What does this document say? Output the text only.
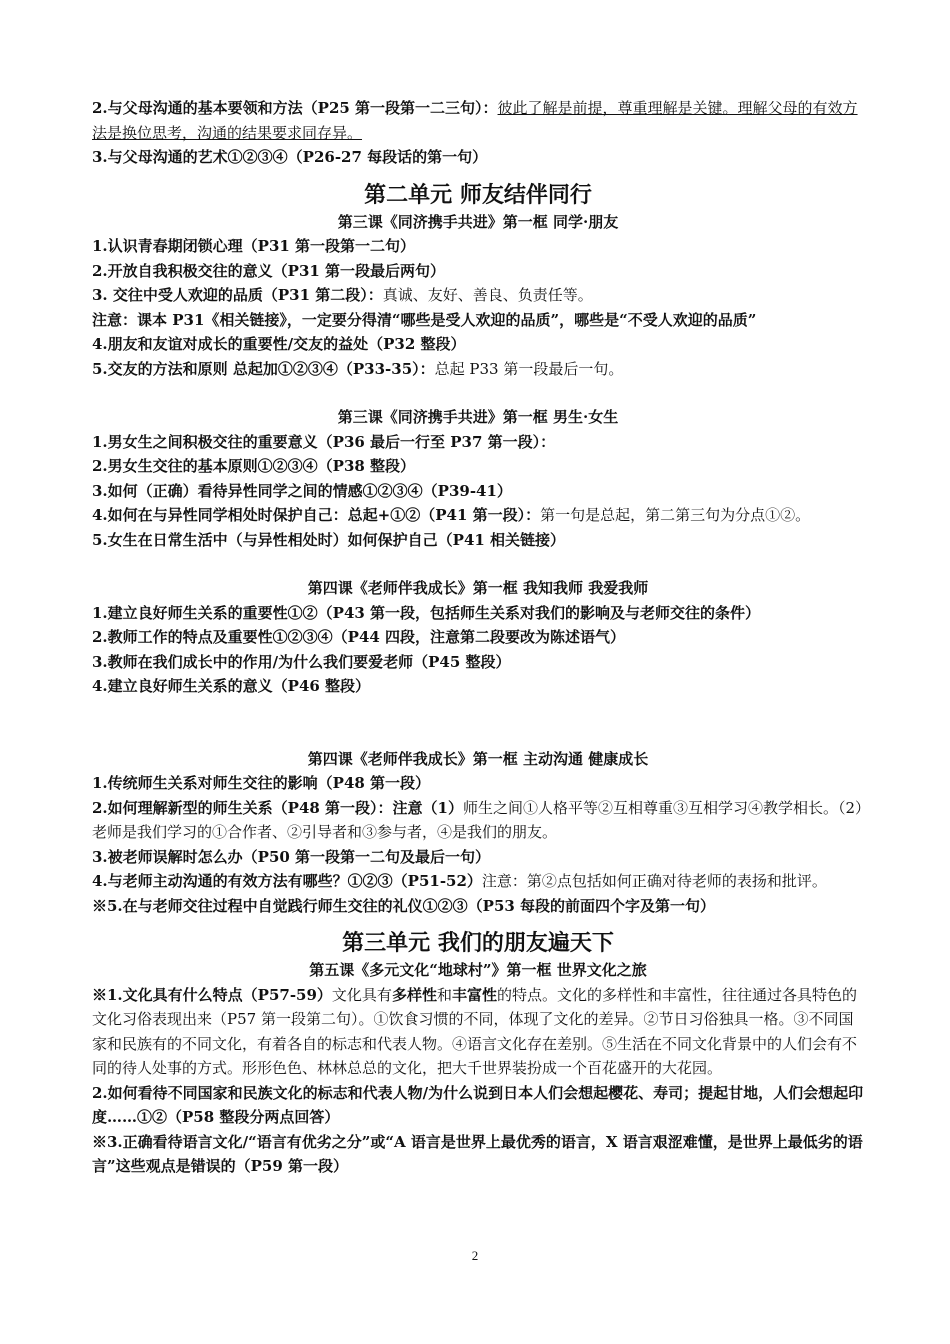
2.与父母沟通的基本要领和方法（P25 第一段第一二三句）：彼此了解是前提，尊重理解是关键。理解父母的有效方法是换位思考，沟通的结果要求同存异。

3.与父母沟通的艺术①②③④（P26-27 每段话的第一句）

第二单元 师友结伴同行

第三课《同济携手共进》第一框 同学·朋友

1.认识青春期闭锁心理（P31 第一段第一二句）

2.开放自我积极交往的意义（P31 第一段最后两句）

3. 交往中受人欢迎的品质（P31 第二段）：真诚、友好、善良、负责任等。

注意：课本 P31《相关链接》，一定要分得清“哪些是受人欢迎的品质”，哪些是“不受人欢迎的品质”

4.朋友和友谊对成长的重要性/交友的益处（P32 整段）

5.交友的方法和原则 总起加①②③④（P33-35）：总起 P33 第一段最后一句。

第三课《同济携手共进》第一框 男生·女生

1.男女生之间积极交往的重要意义（P36 最后一行至 P37 第一段）：

2.男女生交往的基本原则①②③④（P38 整段）

3.如何（正确）看待异性同学之间的情感①②③④（P39-41）

4.如何在与异性同学相处时保护自己：总起+①②（P41 第一段）：第一句是总起，第二第三句为分点①②。

5.女生在日常生活中（与异性相处时）如何保护自己（P41 相关链接）

第四课《老师伴我成长》第一框 我知我师 我爱我师

1.建立良好师生关系的重要性①②（P43 第一段，包括师生关系对我们的影响及与老师交往的条件）

2.教师工作的特点及重要性①②③④（P44 四段，注意第二段要改为陈述语气）

3.教师在我们成长中的作用/为什么我们要爱老师（P45 整段）

4.建立良好师生关系的意义（P46 整段）

第四课《老师伴我成长》第一框 主动沟通 健康成长

1.传统师生关系对师生交往的影响（P48 第一段）

2.如何理解新型的师生关系（P48 第一段）：注意（1）师生之间①人格平等②互相尊重③互相学习④教学相长。（2）老师是我们学习的①合作者、②引导者和③参与者，④是我们的朋友。

3.被老师误解时怎么办（P50 第一段第一二句及最后一句）

4.与老师主动沟通的有效方法有哪些？①②③（P51-52）注意：第②点包括如何正确对待老师的表扬和批评。

※5.在与老师交往过程中自觉践行师生交往的礼仪①②③（P53 每段的前面四个字及第一句）

第三单元 我们的朋友遍天下

第五课《多元文化“地球村”》第一框 世界文化之旅

※1.文化具有什么特点（P57-59）文化具有多样性和丰富性的特点。文化的多样性和丰富性，往往通过各具特色的文化习俗表现出来（P57 第一段第二句）。①饮食习惯的不同，体现了文化的差异。②节日习俗独具一格。③不同国家和民族有的不同文化，有着各自的标志和代表人物。④语言文化存在差别。⑤生活在不同文化背景中的人们会有不同的待人处事的方式。形形色色、林林总总的文化，把大千世界装扮成一个百花盛开的大花园。

2.如何看待不同国家和民族文化的标志和代表人物/为什么说到日本人们会想起樱花、寿司；提起甘地，人们会想起印度……①②（P58 整段分两点回答）

※3.正确看待语言文化/“语言有优劣之分”或“A 语言是世界上最优秀的语言，X 语言艰涩难懂，是世界上最低劣的语言”这些观点是错误的（P59 第一段）

2
